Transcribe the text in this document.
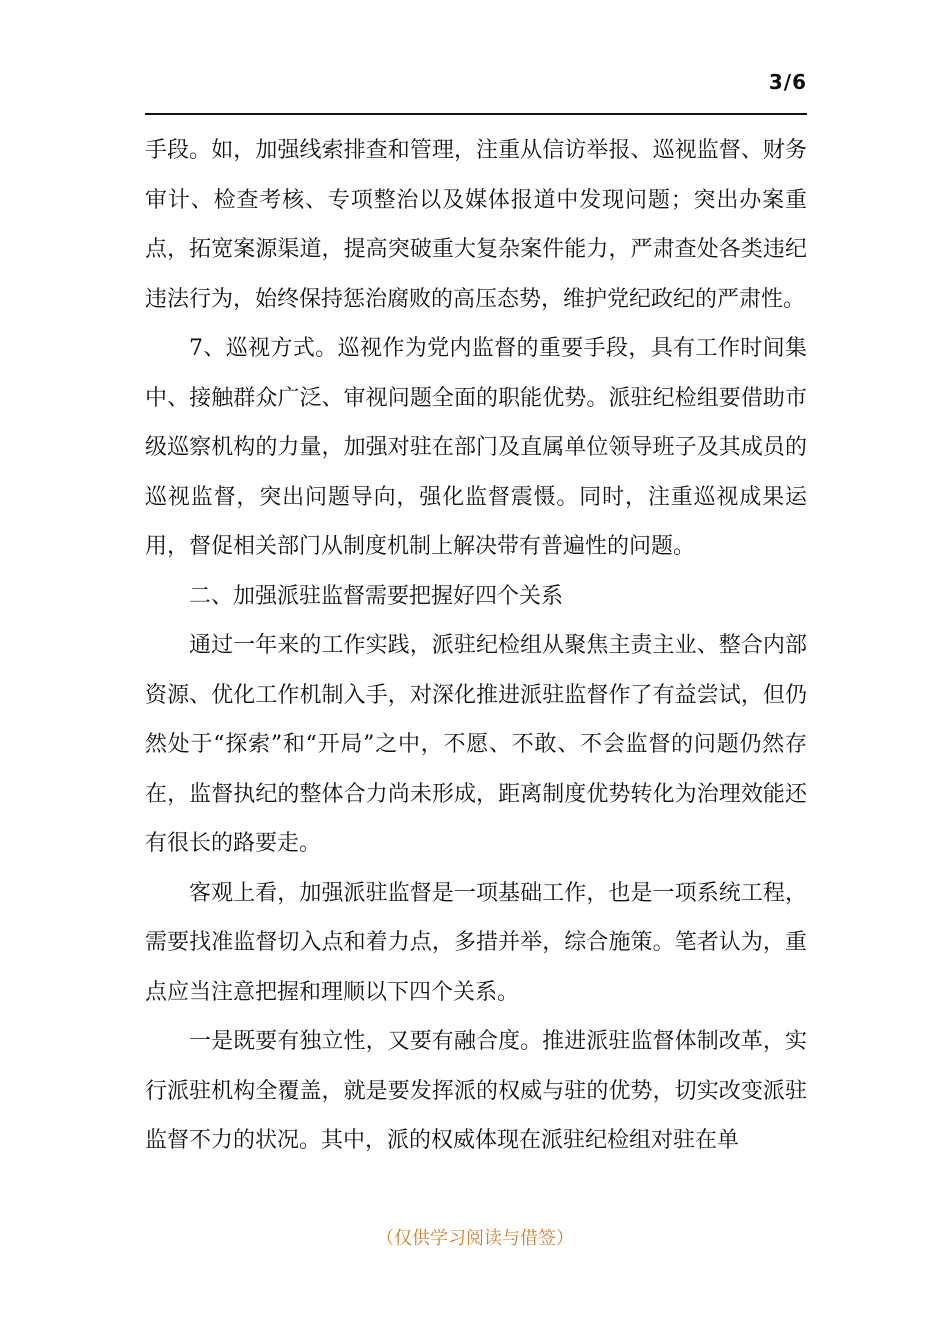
3/6

手段。如，加强线索排查和管理，注重从信访举报、巡视监督、财务审计、检查考核、专项整治以及媒体报道中发现问题；突出办案重点，拓宽案源渠道，提高突破重大复杂案件能力，严肃查处各类违纪违法行为，始终保持惩治腐败的高压态势，维护党纪政纪的严肃性。

7、巡视方式。巡视作为党内监督的重要手段，具有工作时间集中、接触群众广泛、审视问题全面的职能优势。派驻纪检组要借助市级巡察机构的力量，加强对驻在部门及直属单位领导班子及其成员的巡视监督，突出问题导向，强化监督震慑。同时，注重巡视成果运用，督促相关部门从制度机制上解决带有普遍性的问题。

二、加强派驻监督需要把握好四个关系

通过一年来的工作实践，派驻纪检组从聚焦主责主业、整合内部资源、优化工作机制入手，对深化推进派驻监督作了有益尝试，但仍然处于“探索”和“开局”之中，不愿、不敢、不会监督的问题仍然存在，监督执纪的整体合力尚未形成，距离制度优势转化为治理效能还有很长的路要走。

客观上看，加强派驻监督是一项基础工作，也是一项系统工程，需要找准监督切入点和着力点，多措并举，综合施策。笔者认为，重点应当注意把握和理顺以下四个关系。

一是既要有独立性，又要有融合度。推进派驻监督体制改革，实行派驻机构全覆盖，就是要发挥派的权威与驻的优势，切实改变派驻监督不力的状况。其中，派的权威体现在派驻纪检组对驻在单

（仅供学习阅读与借签）
